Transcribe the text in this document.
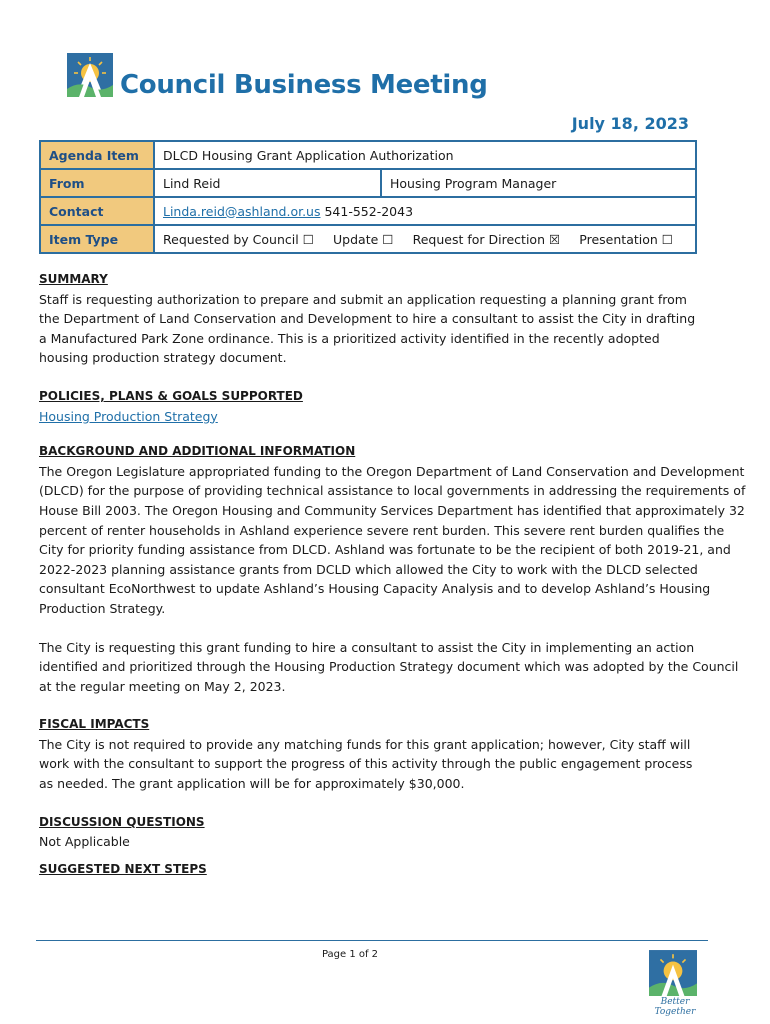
Council Business Meeting
July 18, 2023
Agenda Item	DLCD Housing Grant Application Authorization	
From	Lind Reid	Housing Program Manager
Contact	Linda.reid@ashland.or.us 541-552-2043	
Item Type	Requested by Council ☐ Update ☐ Request for Direction ☒ Presentation ☐	
SUMMARY

Staff is requesting authorization to prepare and submit an application requesting a planning grant from the Department of Land Conservation and Development to hire a consultant to assist the City in drafting a Manufactured Park Zone ordinance. This is a prioritized activity identified in the recently adopted housing production strategy document.

POLICIES, PLANS & GOALS SUPPORTED
Housing Production Strategy
BACKGROUND AND ADDITIONAL INFORMATION

The Oregon Legislature appropriated funding to the Oregon Department of Land Conservation and Development (DLCD) for the purpose of providing technical assistance to local governments in addressing the requirements of House Bill 2003. The Oregon Housing and Community Services Department has identified that approximately 32 percent of renter households in Ashland experience severe rent burden. This severe rent burden qualifies the City for priority funding assistance from DLCD. Ashland was fortunate to be the recipient of both 2019-21, and 2022-2023 planning assistance grants from DCLD which allowed the City to work with the DLCD selected consultant EcoNorthwest to update Ashland’s Housing Capacity Analysis and to develop Ashland’s Housing Production Strategy.

The City is requesting this grant funding to hire a consultant to assist the City in implementing an action identified and prioritized through the Housing Production Strategy document which was adopted by the Council at the regular meeting on May 2, 2023.

FISCAL IMPACTS

The City is not required to provide any matching funds for this grant application; however, City staff will work with the consultant to support the progress of this activity through the public engagement process as needed. The grant application will be for approximately $30,000.

DISCUSSION QUESTIONS
Not Applicable
SUGGESTED NEXT STEPS
Page 1 of 2
Better Together
